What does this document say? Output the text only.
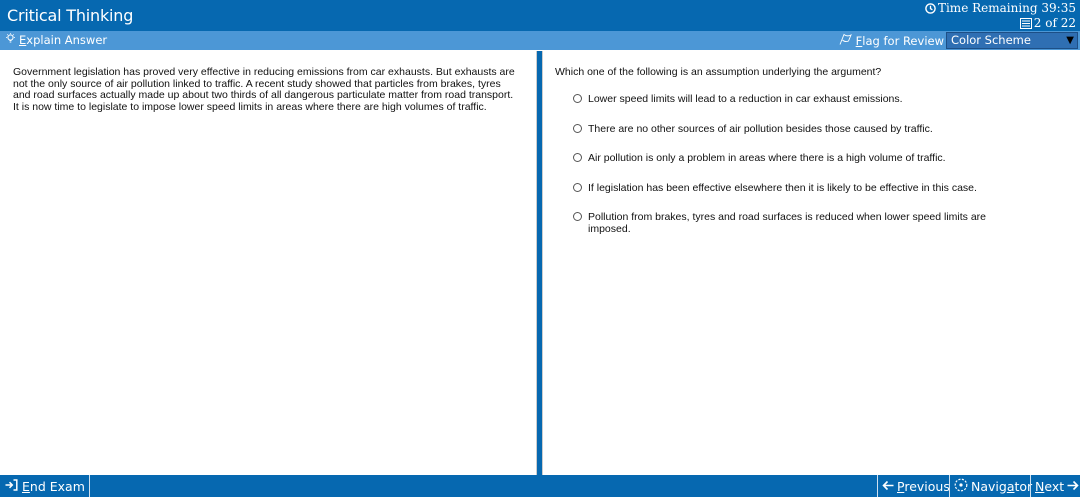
Critical Thinking	Time Remaining 39:35
2 of 22
Explain Answer	Flag for Review Color Scheme	▼
Government legislation has proved very effective in reducing emissions from car exhausts. But exhausts are not the only source of air pollution linked to traffic. A recent study showed that particles from brakes, tyres and road surfaces actually made up about two thirds of all dangerous particulate matter from road transport. It is now time to legislate to impose lower speed limits in areas where there are high volumes of traffic.
Which one of the following is an assumption underlying the argument?
Lower speed limits will lead to a reduction in car exhaust emissions.
There are no other sources of air pollution besides those caused by traffic.
Air pollution is only a problem in areas where there is a high volume of traffic.
If legislation has been effective elsewhere then it is likely to be effective in this case.
Pollution from brakes, tyres and road surfaces is reduced when lower speed limits are imposed.
End Exam	Previous Navigator Next
